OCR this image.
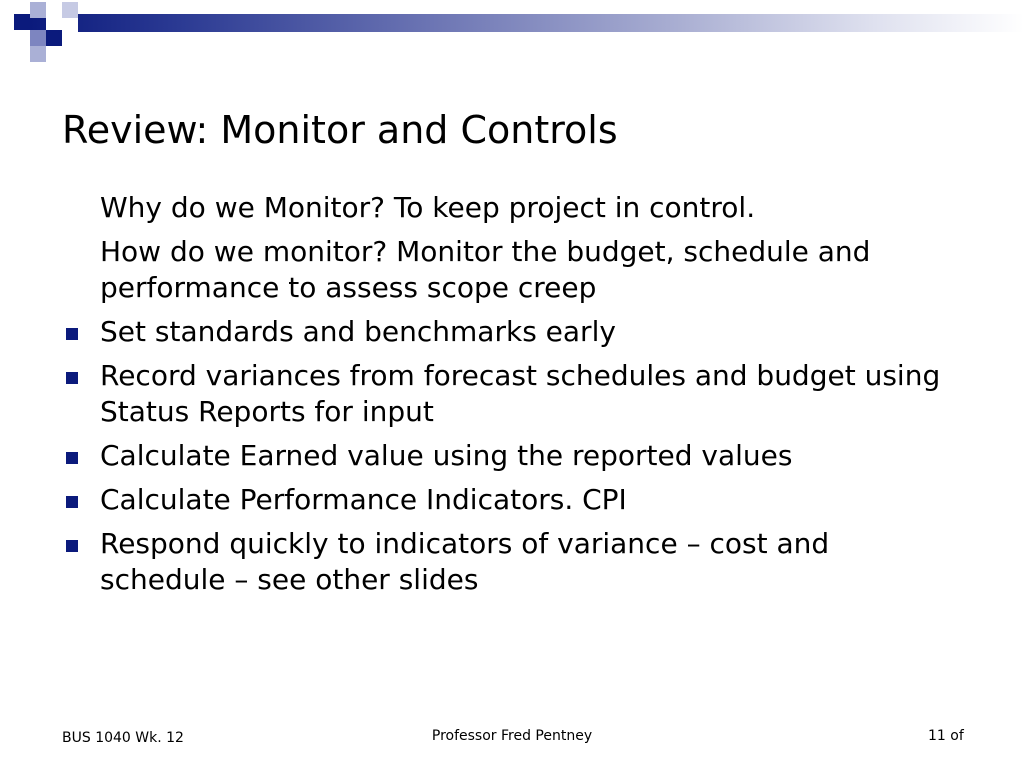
Review: Monitor and Controls
Why do we Monitor? To keep project in control.
How do we monitor? Monitor the budget, schedule and performance to assess scope creep
Set standards and benchmarks early
Record variances from forecast schedules and budget using Status Reports for input
Calculate Earned value using the reported values
Calculate Performance Indicators. CPI
Respond quickly to indicators of variance – cost and schedule – see other slides
BUS 1040 Wk. 12	Professor Fred Pentney	11 of
